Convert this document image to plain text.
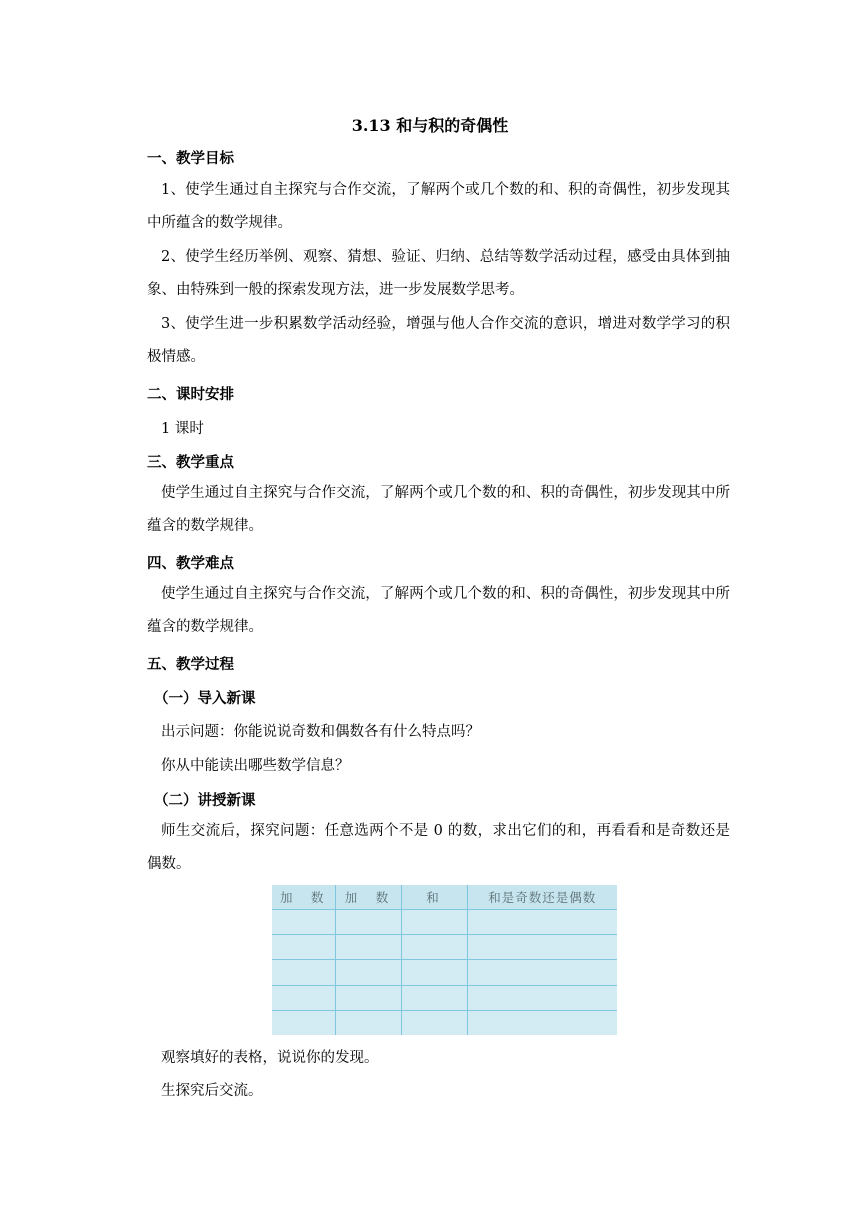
3.13 和与积的奇偶性
一、教学目标

1、使学生通过自主探究与合作交流，了解两个或几个数的和、积的奇偶性，初步发现其中所蕴含的数学规律。

2、使学生经历举例、观察、猜想、验证、归纳、总结等数学活动过程，感受由具体到抽象、由特殊到一般的探索发现方法，进一步发展数学思考。

3、使学生进一步积累数学活动经验，增强与他人合作交流的意识，增进对数学学习的积极情感。

二、课时安排

1 课时

三、教学重点

使学生通过自主探究与合作交流，了解两个或几个数的和、积的奇偶性，初步发现其中所蕴含的数学规律。

四、教学难点

使学生通过自主探究与合作交流，了解两个或几个数的和、积的奇偶性，初步发现其中所蕴含的数学规律。

五、教学过程
（一）导入新课

出示问题：你能说说奇数和偶数各有什么特点吗？

你从中能读出哪些数学信息？

（二）讲授新课

师生交流后，探究问题：任意选两个不是 0 的数，求出它们的和，再看看和是奇数还是偶数。

加　数	加　数	和	和是奇数还是偶数

观察填好的表格，说说你的发现。

生探究后交流。
